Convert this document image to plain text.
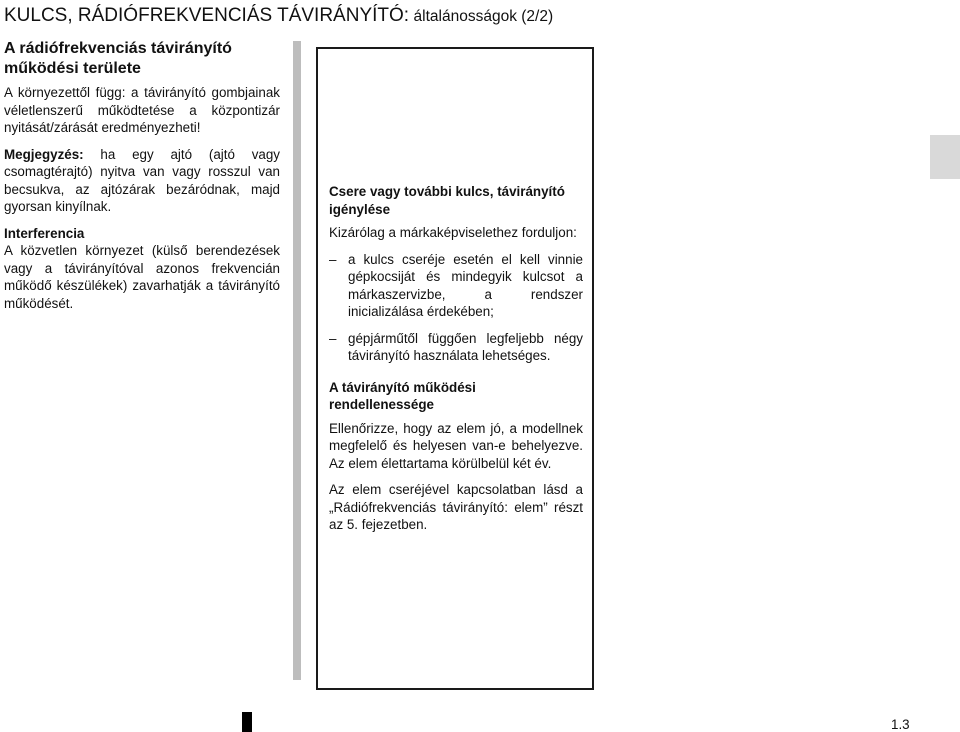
KULCS, RÁDIÓFREKVENCIÁS TÁVIRÁNYÍTÓ: általánosságok (2/2)

A rádiófrekvenciás távirányító működési területe

A környezettől függ: a távirányító gombjainak véletlenszerű működtetése a központizár nyitását/zárását eredményezheti!

Megjegyzés: ha egy ajtó (ajtó vagy csomagtérajtó) nyitva van vagy rosszul van becsukva, az ajtózárak bezáródnak, majd gyorsan kinyílnak.

Interferencia

A közvetlen környezet (külső berendezések vagy a távirányítóval azonos frekvencián működő készülékek) zavarhatják a távirányító működését.

Csere vagy további kulcs, távirányító igénylése

Kizárólag a márkaképviselethez forduljon:

– a kulcs cseréje esetén el kell vinnie gépkocsiját és mindegyik kulcsot a márkaszervizbe, a rendszer inicializálása érdekében;
– gépjárműtől függően legfeljebb négy távirányító használata lehetséges.

A távirányító működési rendellenessége

Ellenőrizze, hogy az elem jó, a modellnek megfelelő és helyesen van-e behelyezve. Az elem élettartama körülbelül két év.

Az elem cseréjével kapcsolatban lásd a „Rádiófrekvenciás távirányító: elem” részt az 5. fejezetben.

1.3
